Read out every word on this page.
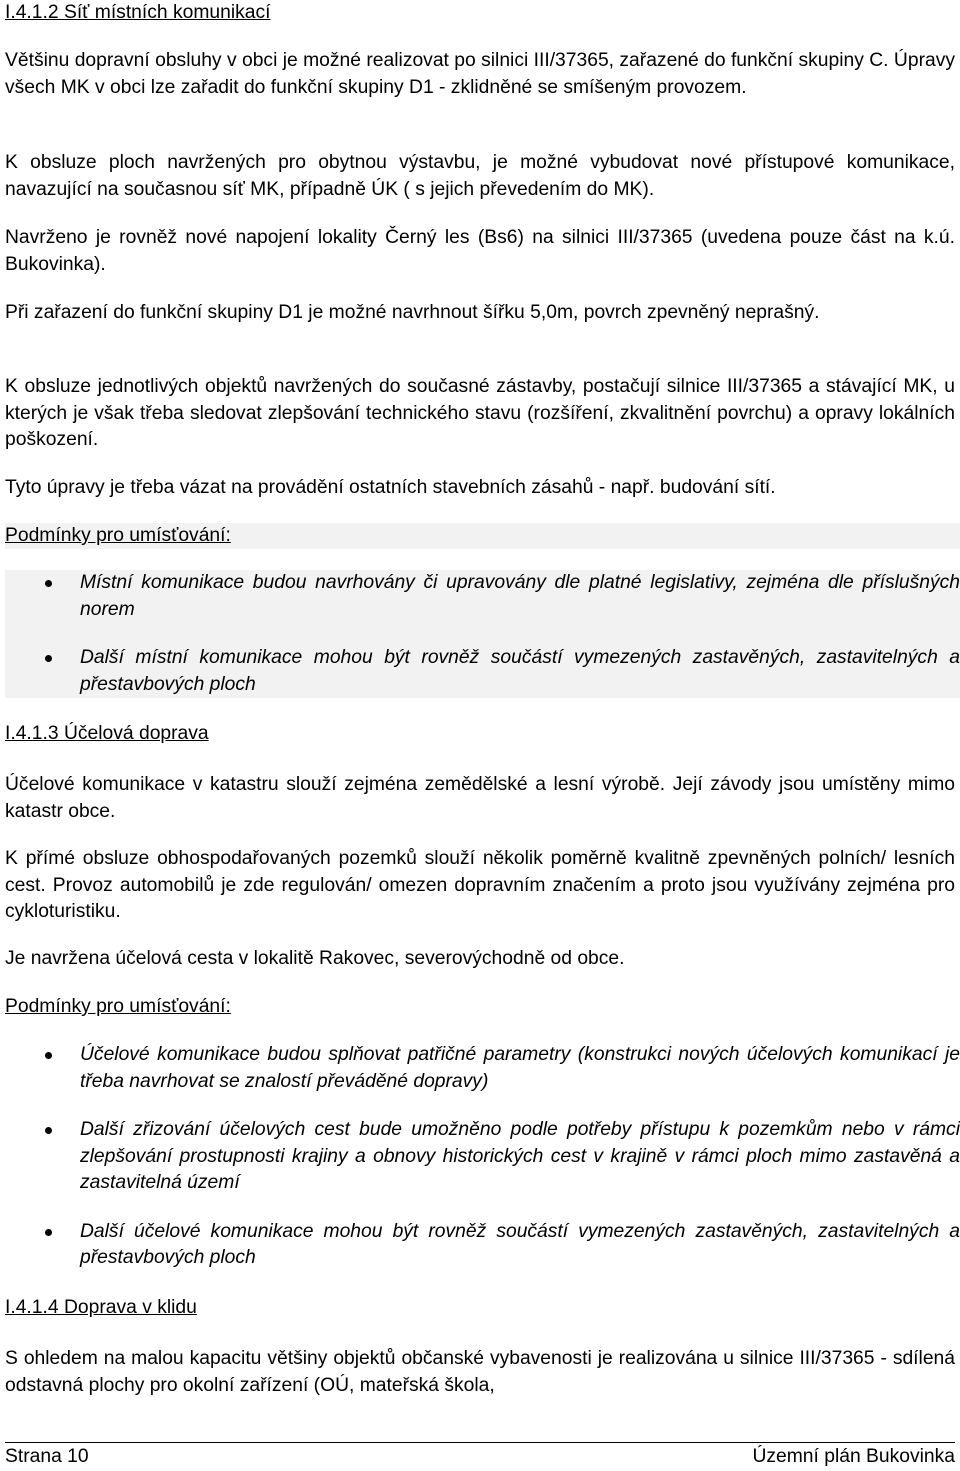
I.4.1.2 Síť místních komunikací

Většinu dopravní obsluhy v obci je možné realizovat po silnici III/37365, zařazené do funkční skupiny C. Úpravy všech MK v obci lze zařadit do funkční skupiny D1 - zklidněné se smíšeným provozem.

K obsluze ploch navržených pro obytnou výstavbu, je možné vybudovat nové přístupové komunikace, navazující na současnou síť MK, případně ÚK ( s jejich převedením do MK).

Navrženo je rovněž nové napojení lokality Černý les (Bs6) na silnici III/37365 (uvedena pouze část na k.ú. Bukovinka).

Při zařazení do funkční skupiny D1 je možné navrhnout šířku 5,0m, povrch zpevněný neprašný.

K obsluze jednotlivých objektů navržených do současné zástavby, postačují silnice III/37365 a stávající MK, u kterých je však třeba sledovat zlepšování technického stavu (rozšíření, zkvalitnění povrchu) a opravy lokálních poškození.

Tyto úpravy je třeba vázat na provádění ostatních stavebních zásahů - např. budování sítí.

Podmínky pro umísťování:
Místní komunikace budou navrhovány či upravovány dle platné legislativy, zejména dle příslušných norem
Další místní komunikace mohou být rovněž součástí vymezených zastavěných, zastavitelných a přestavbových ploch
I.4.1.3 Účelová doprava

Účelové komunikace v katastru slouží zejména zemědělské a lesní výrobě. Její závody jsou umístěny mimo katastr obce.

K přímé obsluze obhospodařovaných pozemků slouží několik poměrně kvalitně zpevněných polních/ lesních cest. Provoz automobilů je zde regulován/ omezen dopravním značením a proto jsou využívány zejména pro cykloturistiku.

Je navržena účelová cesta v lokalitě Rakovec, severovýchodně od obce.

Podmínky pro umísťování:
Účelové komunikace budou splňovat patřičné parametry (konstrukci nových účelových komunikací je třeba navrhovat se znalostí převáděné dopravy)
Další zřizování účelových cest bude umožněno podle potřeby přístupu k pozemkům nebo v rámci zlepšování prostupnosti krajiny a obnovy historických cest v krajině v rámci ploch mimo zastavěná a zastavitelná území
Další účelové komunikace mohou být rovněž součástí vymezených zastavěných, zastavitelných a přestavbových ploch
I.4.1.4 Doprava v klidu

S ohledem na malou kapacitu většiny objektů občanské vybavenosti je realizována u silnice III/37365 - sdílená odstavná plochy pro okolní zařízení (OÚ, mateřská škola,

Strana 10	Územní plán Bukovinka
